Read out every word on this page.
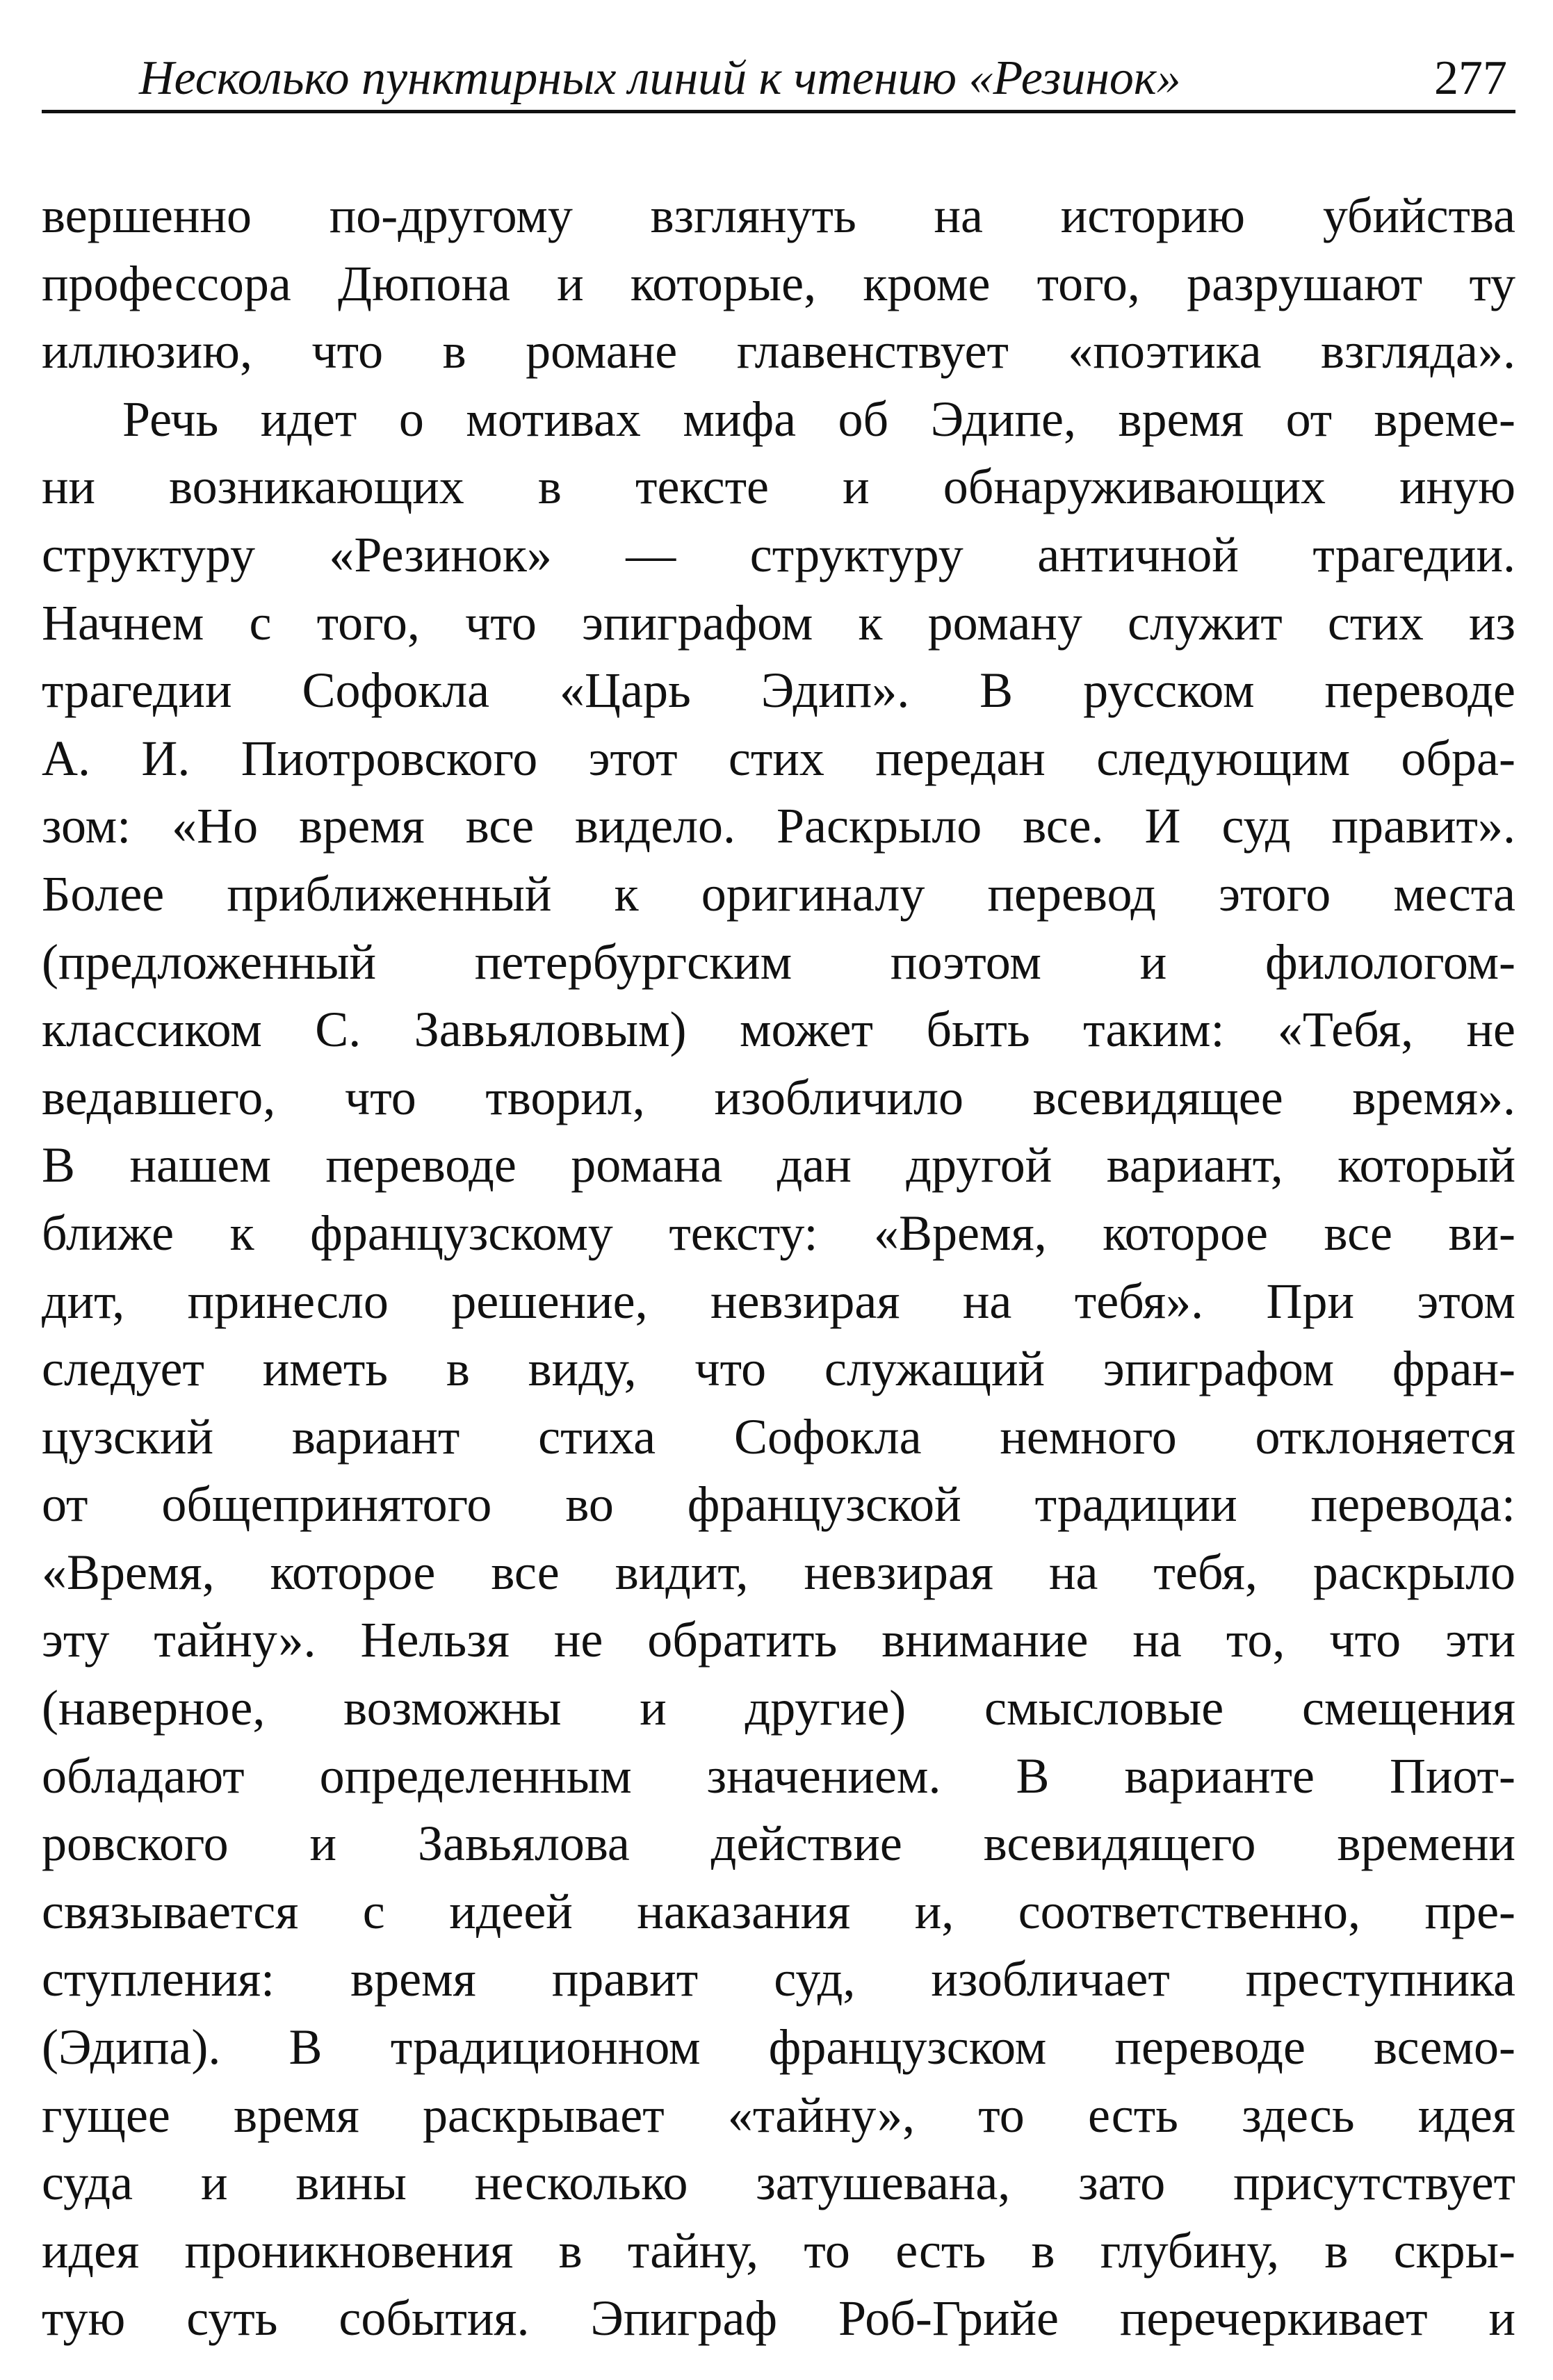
Несколько пунктирных линий к чтению «Резинок»	277
вершенно по-другому взглянуть на историю убийства
профессора Дюпона и которые, кроме того, разрушают ту
иллюзию, что в романе главенствует «поэтика взгляда».
Речь идет о мотивах мифа об Эдипе, время от време-
ни возникающих в тексте и обнаруживающих иную
структуру «Резинок» — структуру античной трагедии.
Начнем с того, что эпиграфом к роману служит стих из
трагедии Софокла «Царь Эдип». В русском переводе
А. И. Пиотровского этот стих передан следующим обра-
зом: «Но время все видело. Раскрыло все. И суд правит».
Более приближенный к оригиналу перевод этого места
(предложенный петербургским поэтом и филологом-
классиком С. Завьяловым) может быть таким: «Тебя, не
ведавшего, что творил, изобличило всевидящее время».
В нашем переводе романа дан другой вариант, который
ближе к французскому тексту: «Время, которое все ви-
дит, принесло решение, невзирая на тебя». При этом
следует иметь в виду, что служащий эпиграфом фран-
цузский вариант стиха Софокла немного отклоняется
от общепринятого во французской традиции перевода:
«Время, которое все видит, невзирая на тебя, раскрыло
эту тайну». Нельзя не обратить внимание на то, что эти
(наверное, возможны и другие) смысловые смещения
обладают определенным значением. В варианте Пиот-
ровского и Завьялова действие всевидящего времени
связывается с идеей наказания и, соответственно, пре-
ступления: время правит суд, изобличает преступника
(Эдипа). В традиционном французском переводе всемо-
гущее время раскрывает «тайну», то есть здесь идея
суда и вины несколько затушевана, зато присутствует
идея проникновения в тайну, то есть в глубину, в скры-
тую суть события. Эпиграф Роб-Грийе перечеркивает и
